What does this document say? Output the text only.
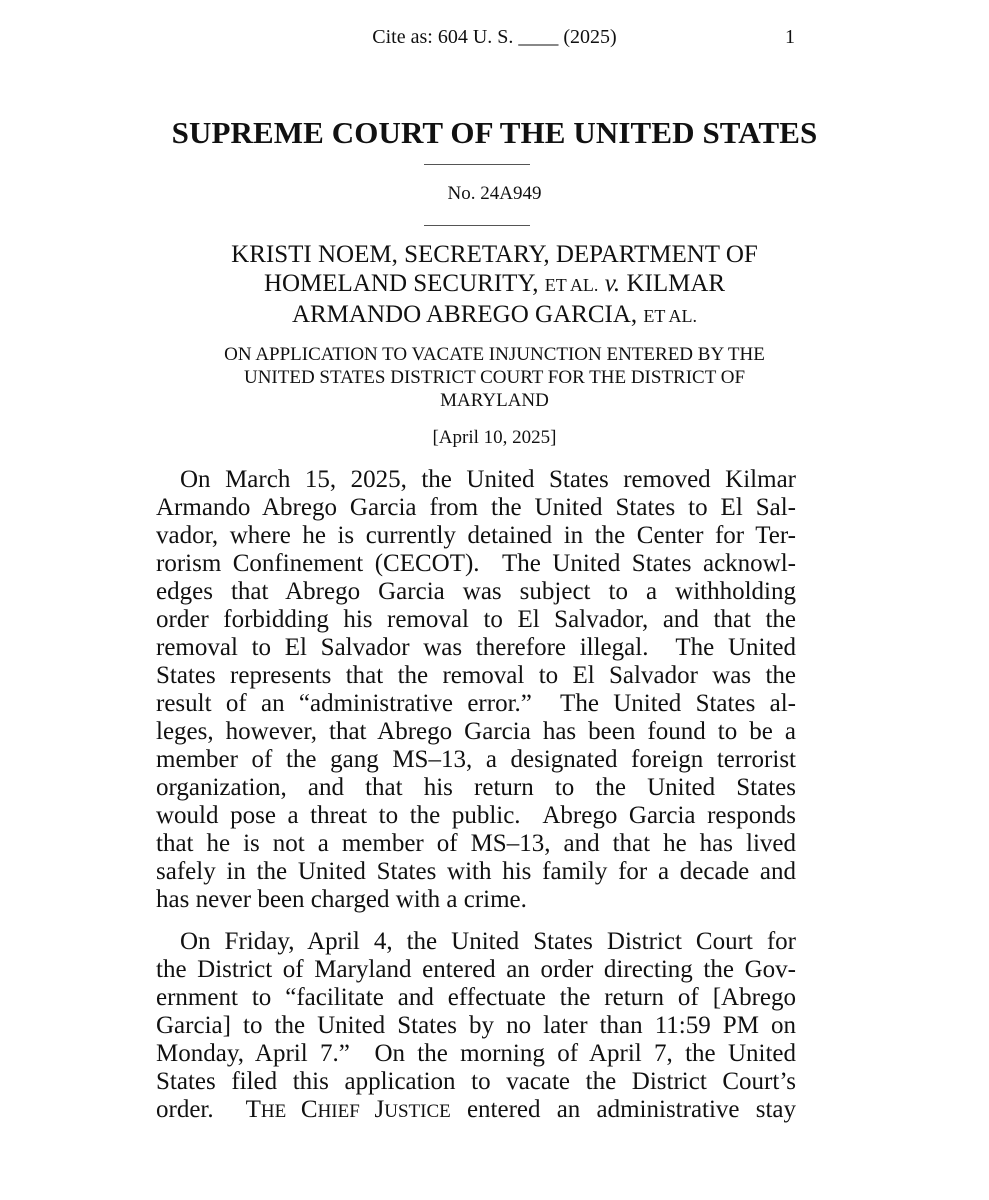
Cite as: 604 U. S. ____ (2025)	1
SUPREME COURT OF THE UNITED STATES
No. 24A949
KRISTI NOEM, SECRETARY, DEPARTMENT OF
HOMELAND SECURITY, ET AL. v. KILMAR
ARMANDO ABREGO GARCIA, ET AL.
ON APPLICATION TO VACATE INJUNCTION ENTERED BY THE
UNITED STATES DISTRICT COURT FOR THE DISTRICT OF
MARYLAND
[April 10, 2025]
On March 15, 2025, the United States removed Kilmar
Armando Abrego Garcia from the United States to El Sal-
vador, where he is currently detained in the Center for Ter-
rorism Confinement (CECOT).  The United States acknowl-
edges that Abrego Garcia was subject to a withholding
order forbidding his removal to El Salvador, and that the
removal to El Salvador was therefore illegal.  The United
States represents that the removal to El Salvador was the
result of an “administrative error.”  The United States al-
leges, however, that Abrego Garcia has been found to be a
member of the gang MS–13, a designated foreign terrorist
organization, and that his return to the United States
would pose a threat to the public.  Abrego Garcia responds
that he is not a member of MS–13, and that he has lived
safely in the United States with his family for a decade and
has never been charged with a crime.
On Friday, April 4, the United States District Court for
the District of Maryland entered an order directing the Gov-
ernment to “facilitate and effectuate the return of [Abrego
Garcia] to the United States by no later than 11:59 PM on
Monday, April 7.”  On the morning of April 7, the United
States filed this application to vacate the District Court’s
order.  THE CHIEF JUSTICE entered an administrative stay
